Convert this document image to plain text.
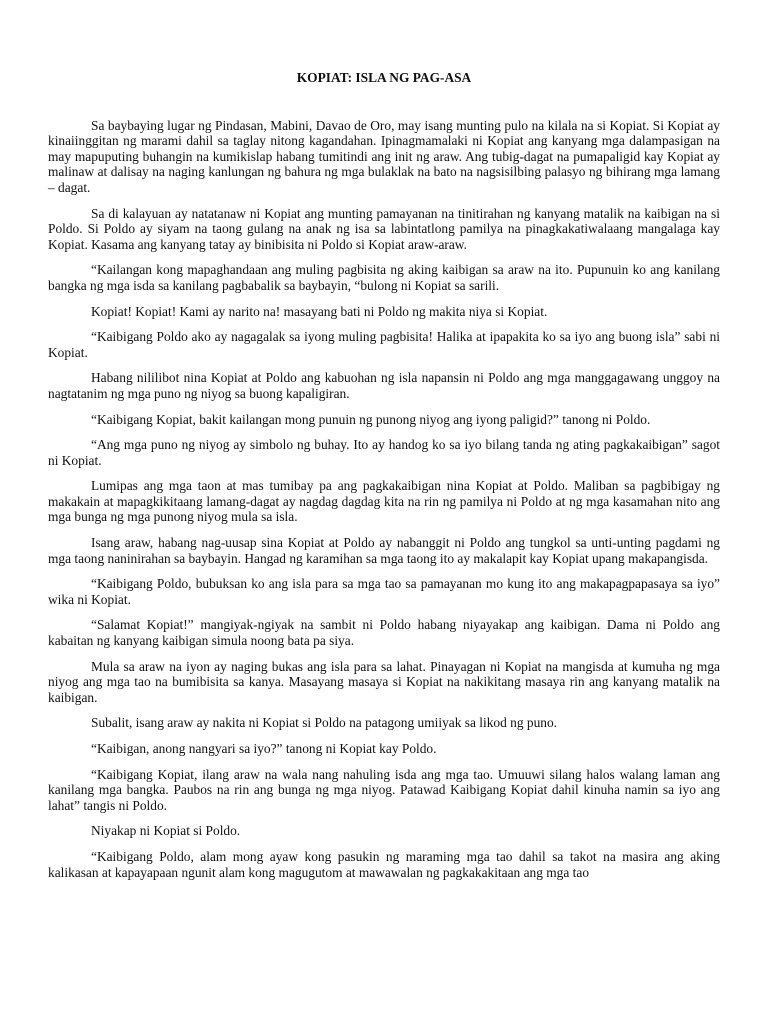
KOPIAT: ISLA NG PAG-ASA

Sa baybaying lugar ng Pindasan, Mabini, Davao de Oro, may isang munting pulo na kilala na si Kopiat. Si Kopiat ay kinaiinggitan ng marami dahil sa taglay nitong kagandahan. Ipinagmamalaki ni Kopiat ang kanyang mga dalampasigan na may mapuputing buhangin na kumikislap habang tumitindi ang init ng araw. Ang tubig-dagat na pumapaligid kay Kopiat ay malinaw at dalisay na naging kanlungan ng bahura ng mga bulaklak na bato na nagsisilbing palasyo ng bihirang mga lamang – dagat.

Sa di kalayuan ay natatanaw ni Kopiat ang munting pamayanan na tinitirahan ng kanyang matalik na kaibigan na si Poldo. Si Poldo ay siyam na taong gulang na anak ng isa sa labintatlong pamilya na pinagkakatiwalaang mangalaga kay Kopiat. Kasama ang kanyang tatay ay binibisita ni Poldo si Kopiat araw-araw.

“Kailangan kong mapaghandaan ang muling pagbisita ng aking kaibigan sa araw na ito. Pupunuin ko ang kanilang bangka ng mga isda sa kanilang pagbabalik sa baybayin, “bulong ni Kopiat sa sarili.

Kopiat! Kopiat! Kami ay narito na! masayang bati ni Poldo ng makita niya si Kopiat.

“Kaibigang Poldo ako ay nagagalak sa iyong muling pagbisita! Halika at ipapakita ko sa iyo ang buong isla” sabi ni Kopiat.

Habang nililibot nina Kopiat at Poldo ang kabuohan ng isla napansin ni Poldo ang mga manggagawang unggoy na nagtatanim ng mga puno ng niyog sa buong kapaligiran.

“Kaibigang Kopiat, bakit kailangan mong punuin ng punong niyog ang iyong paligid?” tanong ni Poldo.

“Ang mga puno ng niyog ay simbolo ng buhay. Ito ay handog ko sa iyo bilang tanda ng ating pagkakaibigan” sagot ni Kopiat.

Lumipas ang mga taon at mas tumibay pa ang pagkakaibigan nina Kopiat at Poldo. Maliban sa pagbibigay ng makakain at mapagkikitaang lamang-dagat ay nagdag dagdag kita na rin ng pamilya ni Poldo at ng mga kasamahan nito ang mga bunga ng mga punong niyog mula sa isla.

Isang araw, habang nag-uusap sina Kopiat at Poldo ay nabanggit ni Poldo ang tungkol sa unti-unting pagdami ng mga taong naninirahan sa baybayin. Hangad ng karamihan sa mga taong ito ay makalapit kay Kopiat upang makapangisda.

“Kaibigang Poldo, bubuksan ko ang isla para sa mga tao sa pamayanan mo kung ito ang makapagpapasaya sa iyo” wika ni Kopiat.

“Salamat Kopiat!” mangiyak-ngiyak na sambit ni Poldo habang niyayakap ang kaibigan. Dama ni Poldo ang kabaitan ng kanyang kaibigan simula noong bata pa siya.

Mula sa araw na iyon ay naging bukas ang isla para sa lahat. Pinayagan ni Kopiat na mangisda at kumuha ng mga niyog ang mga tao na bumibisita sa kanya. Masayang masaya si Kopiat na nakikitang masaya rin ang kanyang matalik na kaibigan.

Subalit, isang araw ay nakita ni Kopiat si Poldo na patagong umiiyak sa likod ng puno.

“Kaibigan, anong nangyari sa iyo?” tanong ni Kopiat kay Poldo.

“Kaibigang Kopiat, ilang araw na wala nang nahuling isda ang mga tao. Umuuwi silang halos walang laman ang kanilang mga bangka. Paubos na rin ang bunga ng mga niyog. Patawad Kaibigang Kopiat dahil kinuha namin sa iyo ang lahat” tangis ni Poldo.

Niyakap ni Kopiat si Poldo.

“Kaibigang Poldo, alam mong ayaw kong pasukin ng maraming mga tao dahil sa takot na masira ang aking kalikasan at kapayapaan ngunit alam kong magugutom at mawawalan ng pagkakakitaan ang mga tao
